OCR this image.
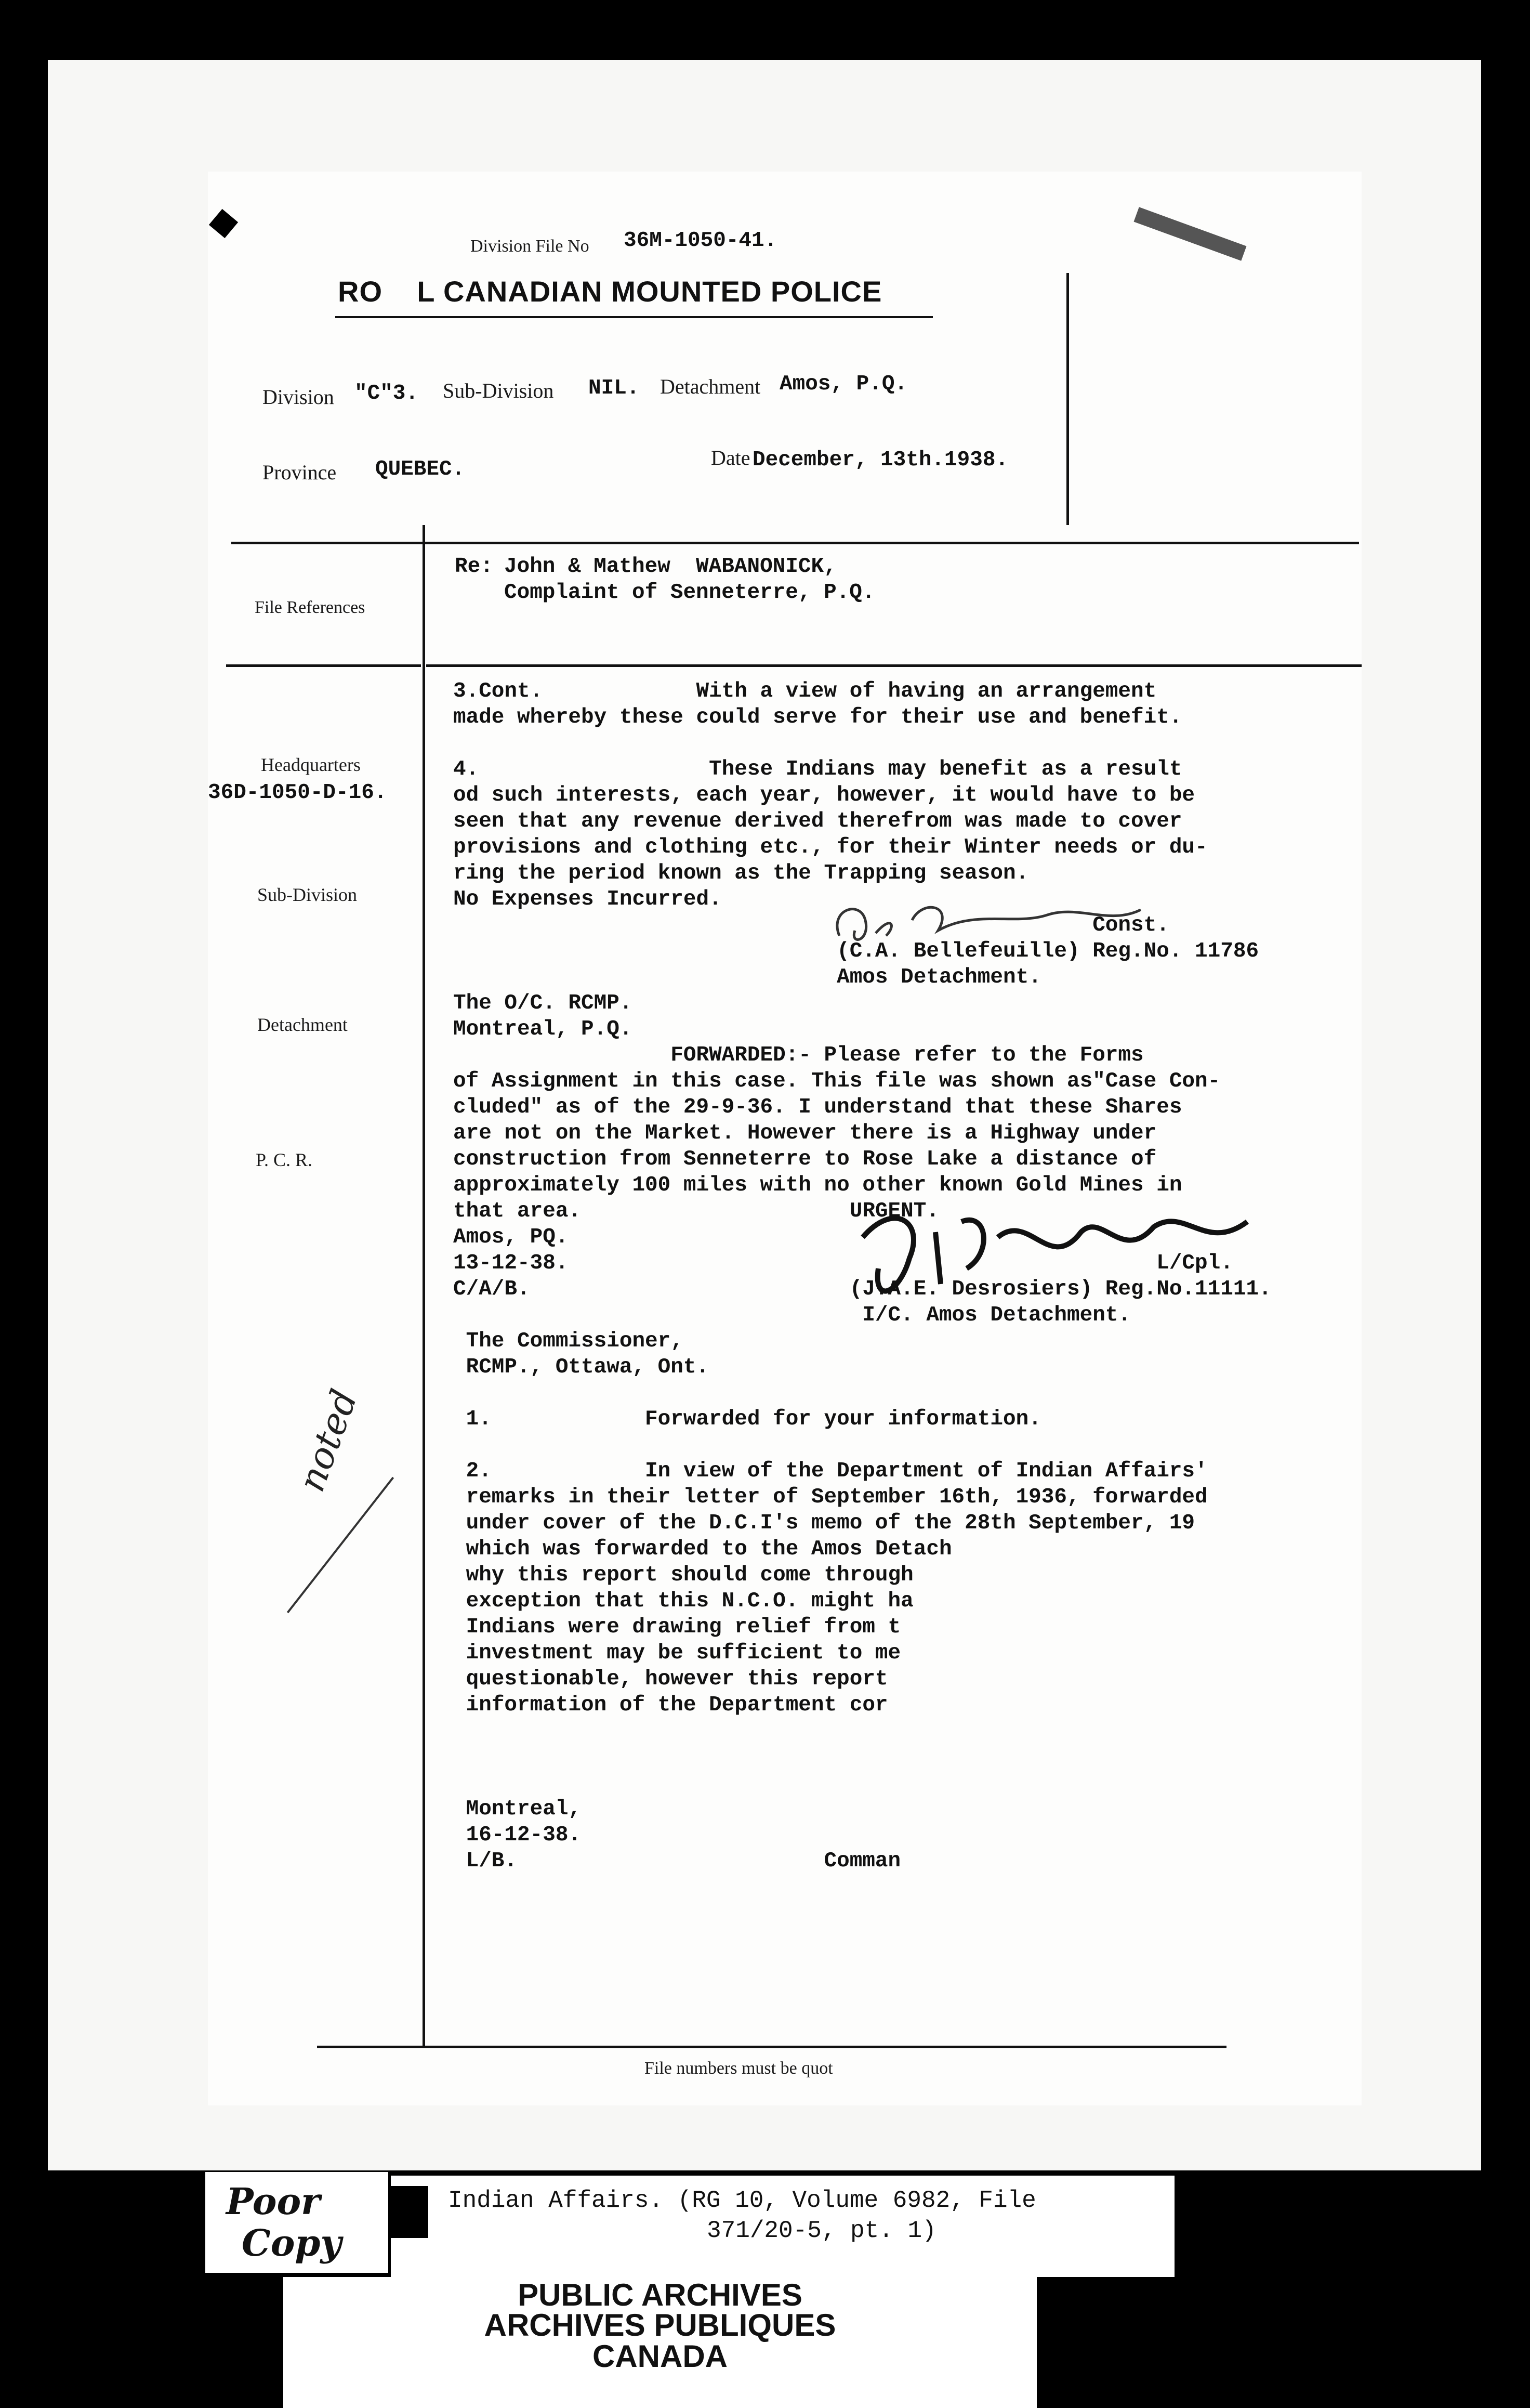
Division File No 36M-1050-41.
RO    L CANADIAN MOUNTED POLICE
Division "C"3. Sub-Division NIL. Detachment Amos, P.Q.
Province QUEBEC.	Date December, 13th.1938.
Re: John & Mathew  WABANONICK,
Complaint of Senneterre, P.Q.
File References
Headquarters
36D-1050-D-16.
Sub-Division
Detachment
P. C. R.
3.Cont.            With a view of having an arrangement
made whereby these could serve for their use and benefit.
4.                  These Indians may benefit as a result
od such interests, each year, however, it would have to be
seen that any revenue derived therefrom was made to cover
provisions and clothing etc., for their Winter needs or du-
ring the period known as the Trapping season.
No Expenses Incurred.
Const.
(C.A. Bellefeuille) Reg.No. 11786
Amos Detachment.
The O/C. RCMP.
Montreal, P.Q.
FORWARDED:- Please refer to the Forms
of Assignment in this case. This file was shown as"Case Con-
cluded" as of the 29-9-36. I understand that these Shares
are not on the Market. However there is a Highway under
construction from Senneterre to Rose Lake a distance of
approximately 100 miles with no other known Gold Mines in
that area.                     URGENT.
Amos, PQ.
13-12-38.                                              L/Cpl.
C/A/B.                         (J.A.E. Desrosiers) Reg.No.11111.
I/C. Amos Detachment.
The Commissioner,
RCMP., Ottawa, Ont.
1.            Forwarded for your information.
2.            In view of the Department of Indian Affairs'
remarks in their letter of September 16th, 1936, forwarded
under cover of the D.C.I's memo of the 28th September, 19
which was forwarded to the Amos Detach
why this report should come through
exception that this N.C.O. might ha
Indians were drawing relief from t
investment may be sufficient to me
questionable, however this report
information of the Department cor
Montreal,
16-12-38.
L/B.                        Comman
noted
File numbers must be quot
Poor
Copy
Indian Affairs. (RG 10, Volume 6982, File
371/20-5, pt. 1)
PUBLIC ARCHIVES
ARCHIVES PUBLIQUES
CANADA
